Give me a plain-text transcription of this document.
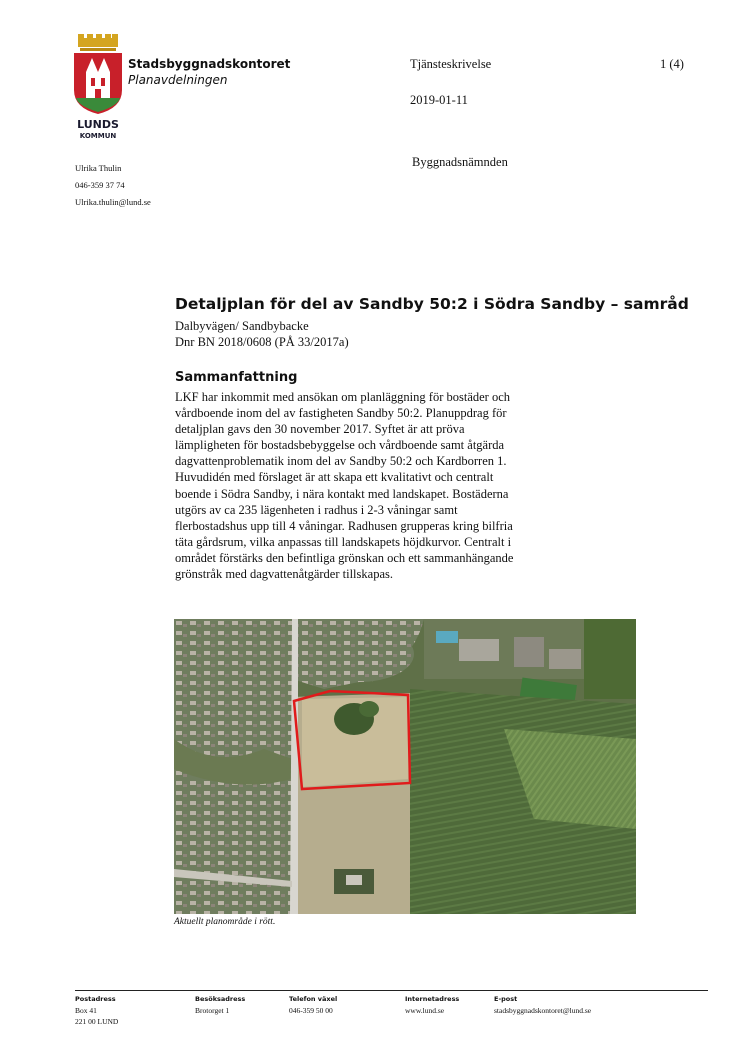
LUNDS
KOMMUN
Stadsbyggnadskontoret
Planavdelningen
Tjänsteskrivelse	1 (4)
2019-01-11
Byggnadsnämnden
Ulrika Thulin
046-359 37 74
Ulrika.thulin@lund.se
Detaljplan för del av Sandby 50:2 i Södra Sandby – samråd
Dalbyvägen/ Sandbybacke
Dnr BN 2018/0608 (PÅ 33/2017a)
Sammanfattning
LKF har inkommit med ansökan om planläggning för bostäder och
vårdboende inom del av fastigheten Sandby 50:2. Planuppdrag för
detaljplan gavs den 30 november 2017. Syftet är att pröva
lämpligheten för bostadsbebyggelse och vårdboende samt åtgärda
dagvattenproblematik inom del av Sandby 50:2 och Kardborren 1.
Huvudidén med förslaget är att skapa ett kvalitativt och centralt
boende i Södra Sandby, i nära kontakt med landskapet. Bostäderna
utgörs av ca 235 lägenheten i radhus i 2-3 våningar samt
flerbostadshus upp till 4 våningar. Radhusen grupperas kring bilfria
täta gårdsrum, vilka anpassas till landskapets höjdkurvor. Centralt i
området förstärks den befintliga grönskan och ett sammanhängande
grönstråk med dagvattenåtgärder tillskapas.
Aktuellt planområde i rött.
Postadress
Box 41
221 00 LUND
Besöksadress
Brotorget 1
Telefon växel
046-359 50 00
Internetadress
www.lund.se
E-post
stadsbyggnadskontoret@lund.se
